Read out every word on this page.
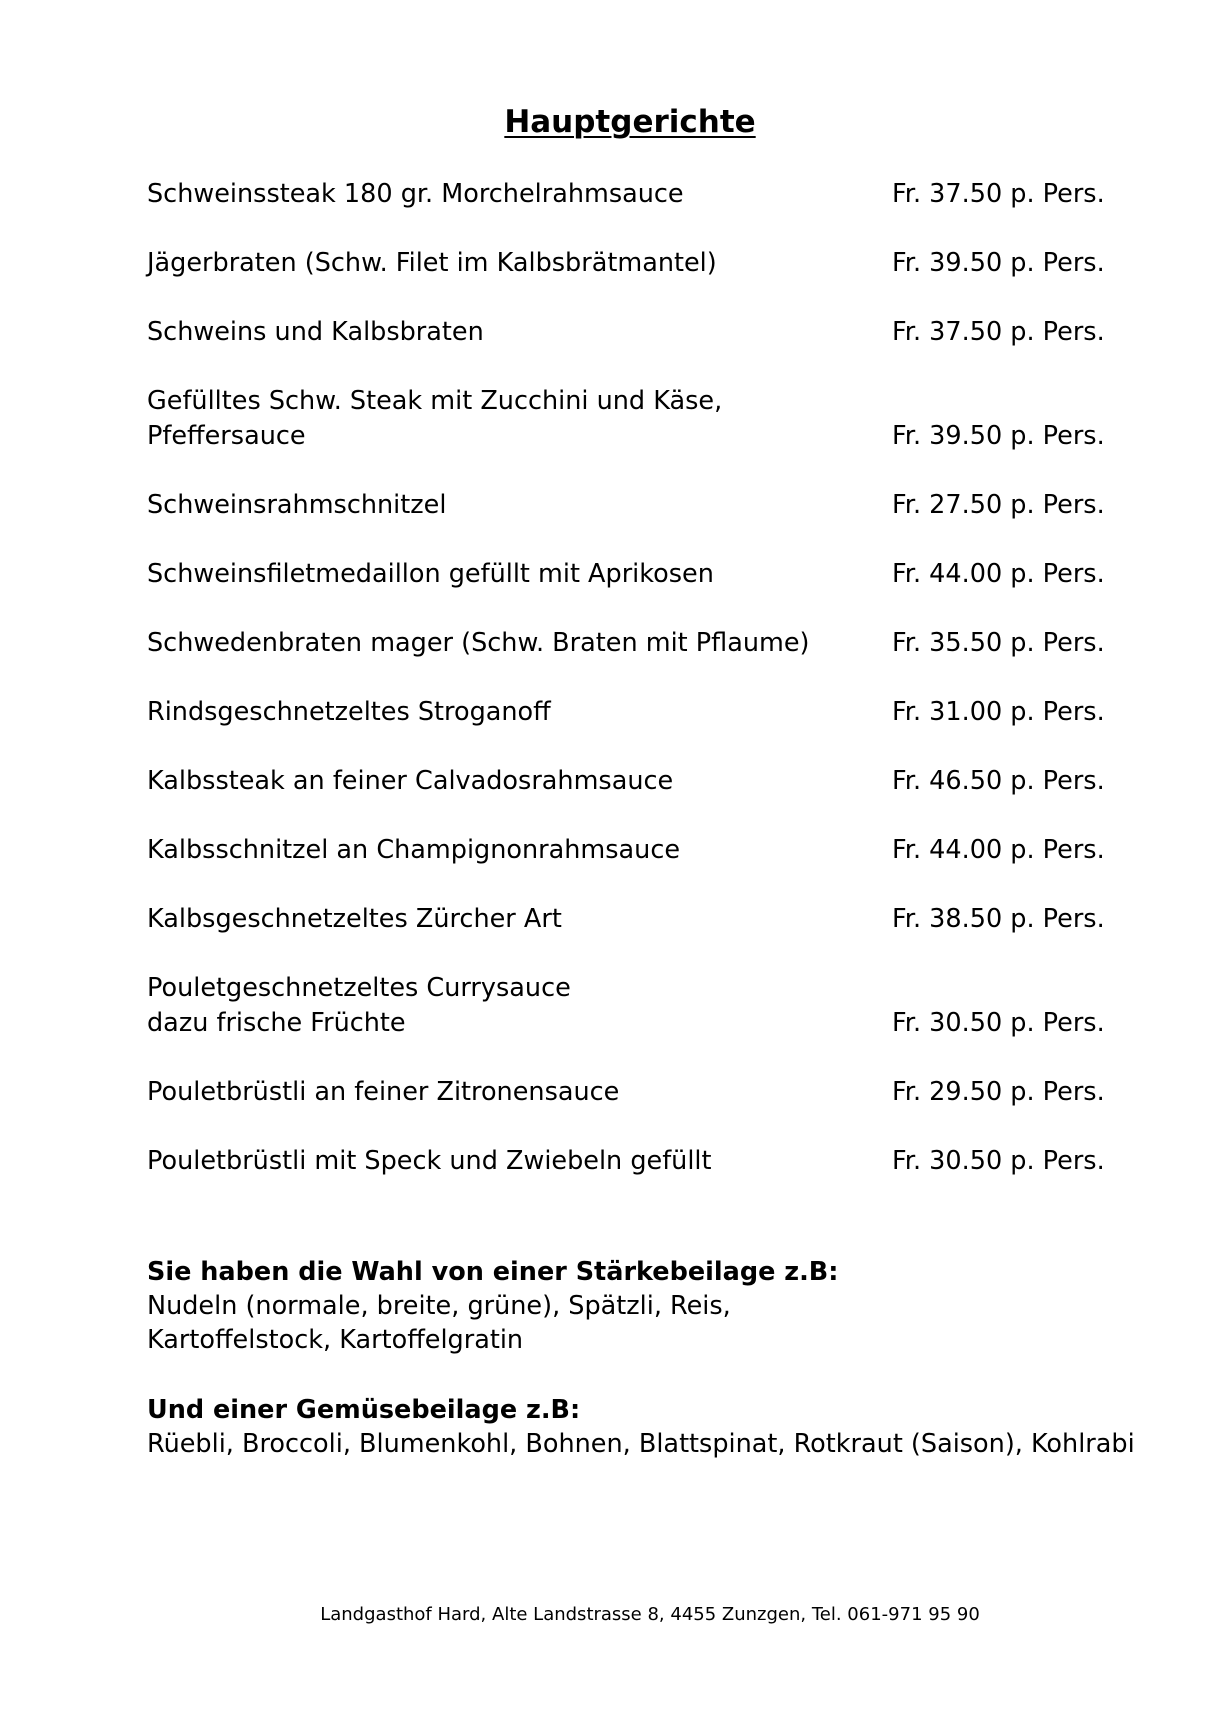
Hauptgerichte
Schweinssteak 180 gr. Morchelrahmsauce	Fr. 37.50 p. Pers.
Jägerbraten (Schw. Filet im Kalbsbrätmantel)	Fr. 39.50 p. Pers.
Schweins und Kalbsbraten	Fr. 37.50 p. Pers.
Gefülltes Schw. Steak mit Zucchini und Käse,
Pfeffersauce	Fr. 39.50 p. Pers.
Schweinsrahmschnitzel	Fr. 27.50 p. Pers.
Schweinsfiletmedaillon gefüllt mit Aprikosen	Fr. 44.00 p. Pers.
Schwedenbraten mager (Schw. Braten mit Pflaume)	Fr. 35.50 p. Pers.
Rindsgeschnetzeltes Stroganoff	Fr. 31.00 p. Pers.
Kalbssteak an feiner Calvadosrahmsauce	Fr. 46.50 p. Pers.
Kalbsschnitzel an Champignonrahmsauce	Fr. 44.00 p. Pers.
Kalbsgeschnetzeltes Zürcher Art	Fr. 38.50 p. Pers.
Pouletgeschnetzeltes Currysauce
dazu frische Früchte	Fr. 30.50 p. Pers.
Pouletbrüstli an feiner Zitronensauce	Fr. 29.50 p. Pers.
Pouletbrüstli mit Speck und Zwiebeln gefüllt	Fr. 30.50 p. Pers.

Sie haben die Wahl von einer Stärkebeilage z.B:

Nudeln (normale, breite, grüne), Spätzli, Reis,
Kartoffelstock, Kartoffelgratin

Und einer Gemüsebeilage z.B:

Rüebli, Broccoli, Blumenkohl, Bohnen, Blattspinat, Rotkraut (Saison), Kohlrabi

Landgasthof Hard, Alte Landstrasse 8, 4455 Zunzgen, Tel. 061-971 95 90
